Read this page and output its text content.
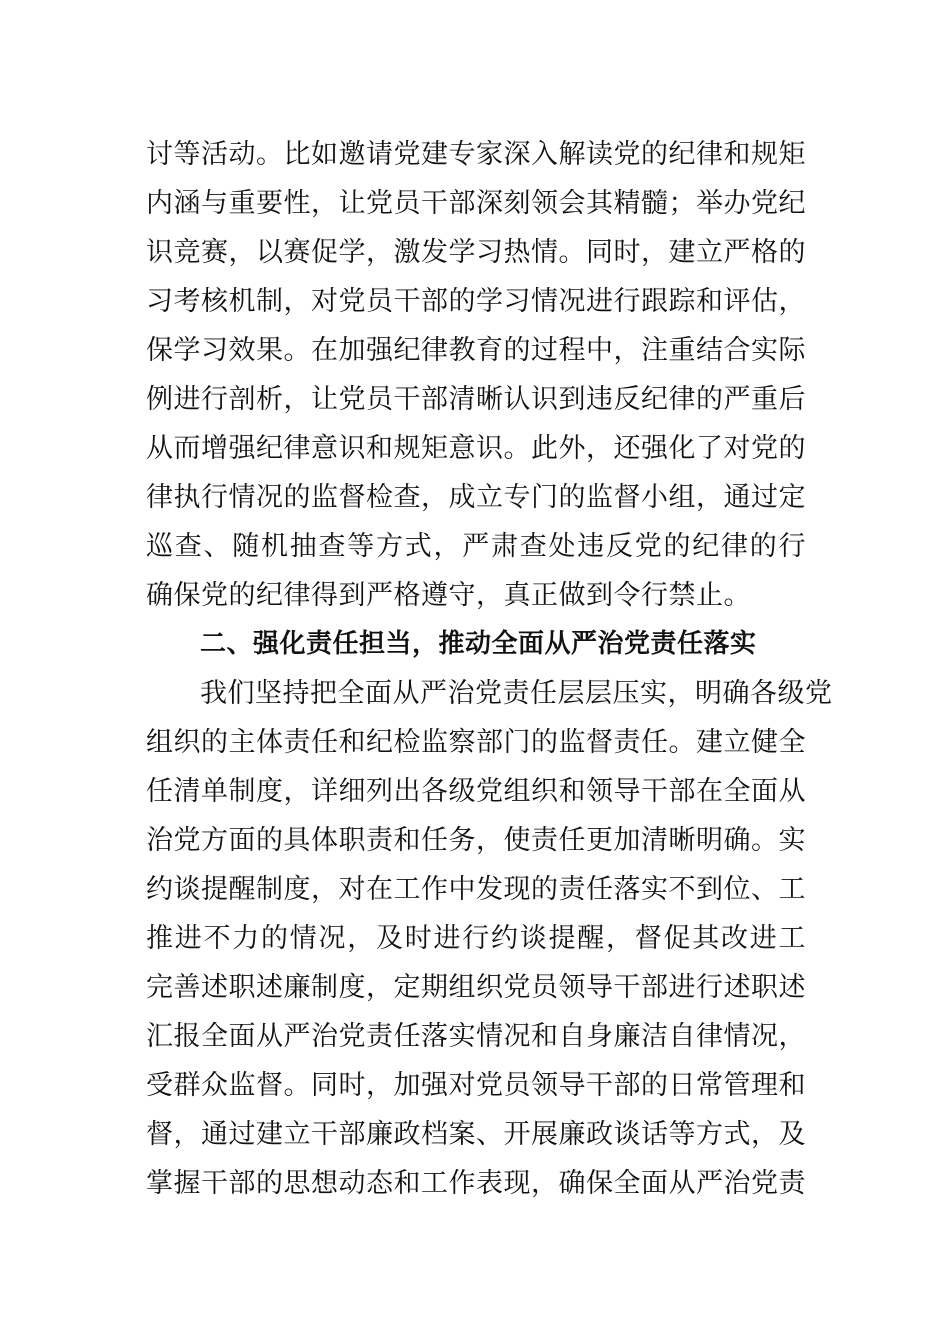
讨等活动。比如邀请党建专家深入解读党的纪律和规矩
内涵与重要性，让党员干部深刻领会其精髓；举办党纪
识竞赛，以赛促学，激发学习热情。同时，建立严格的
习考核机制，对党员干部的学习情况进行跟踪和评估，
保学习效果。在加强纪律教育的过程中，注重结合实际
例进行剖析，让党员干部清晰认识到违反纪律的严重后
从而增强纪律意识和规矩意识。此外，还强化了对党的
律执行情况的监督检查，成立专门的监督小组，通过定
巡查、随机抽查等方式，严肃查处违反党的纪律的行
确保党的纪律得到严格遵守，真正做到令行禁止。
二、强化责任担当，推动全面从严治党责任落实
我们坚持把全面从严治党责任层层压实，明确各级党
组织的主体责任和纪检监察部门的监督责任。建立健全
任清单制度，详细列出各级党组织和领导干部在全面从
治党方面的具体职责和任务，使责任更加清晰明确。实
约谈提醒制度，对在工作中发现的责任落实不到位、工
推进不力的情况，及时进行约谈提醒，督促其改进工
完善述职述廉制度，定期组织党员领导干部进行述职述
汇报全面从严治党责任落实情况和自身廉洁自律情况，
受群众监督。同时，加强对党员领导干部的日常管理和
督，通过建立干部廉政档案、开展廉政谈话等方式，及
掌握干部的思想动态和工作表现，确保全面从严治党责
